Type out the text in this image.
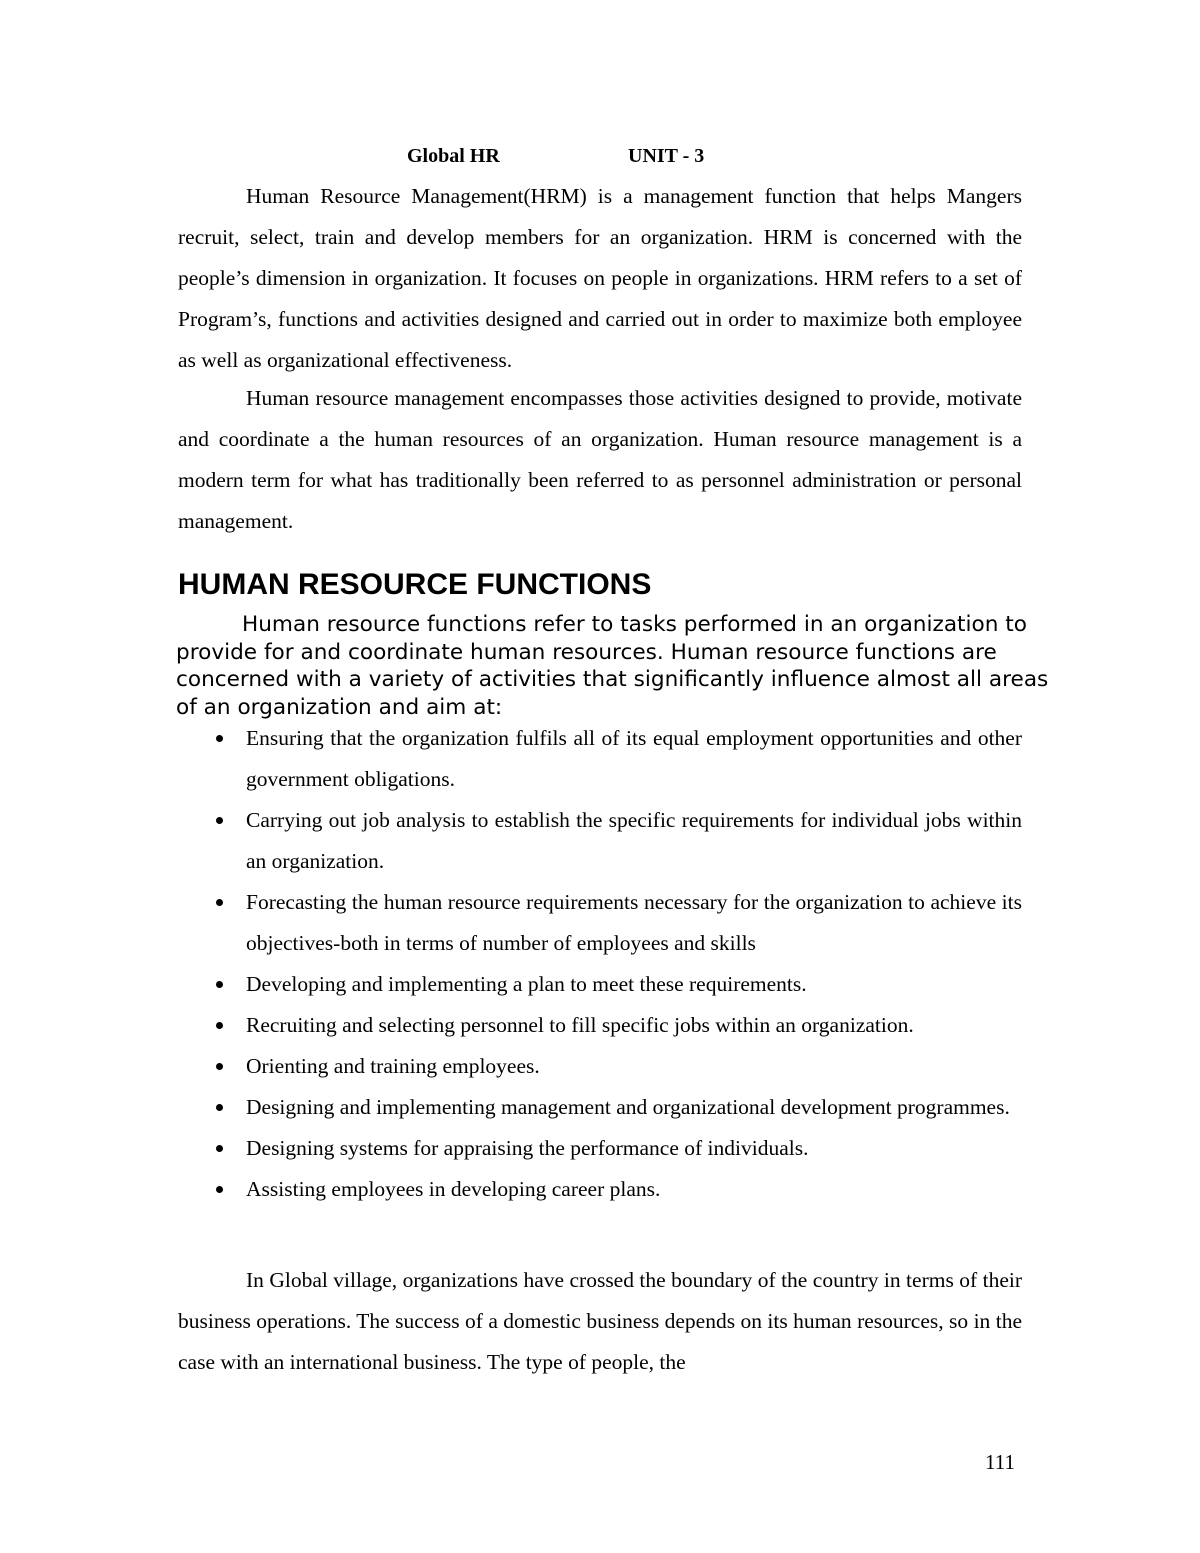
Global HR	UNIT - 3

Human Resource Management(HRM) is a management function that helps Mangers recruit, select, train and develop members for an organization. HRM is concerned with the people’s dimension in organization. It focuses on people in organizations. HRM refers to a set of Program’s, functions and activities designed and carried out in order to maximize both employee as well as organizational effectiveness.

Human resource management encompasses those activities designed to provide, motivate and coordinate a the human resources of an organization. Human resource management is a modern term for what has traditionally been referred to as personnel administration or personal management.

HUMAN RESOURCE FUNCTIONS

Human resource functions refer to tasks performed in an organization to provide for and coordinate human resources. Human resource functions are concerned with a variety of activities that significantly influence almost all areas of an organization and aim at:

Ensuring that the organization fulfils all of its equal employment opportunities and other government obligations.
Carrying out job analysis to establish the specific requirements for individual jobs within an organization.
Forecasting the human resource requirements necessary for the organization to achieve its objectives-both in terms of number of employees and skills
Developing and implementing a plan to meet these requirements.
Recruiting and selecting personnel to fill specific jobs within an organization.
Orienting and training employees.
Designing and implementing management and organizational development programmes.
Designing systems for appraising the performance of individuals.
Assisting employees in developing career plans.

In Global village, organizations have crossed the boundary of the country in terms of their business operations. The success of a domestic business depends on its human resources, so in the case with an international business. The type of people, the

111
